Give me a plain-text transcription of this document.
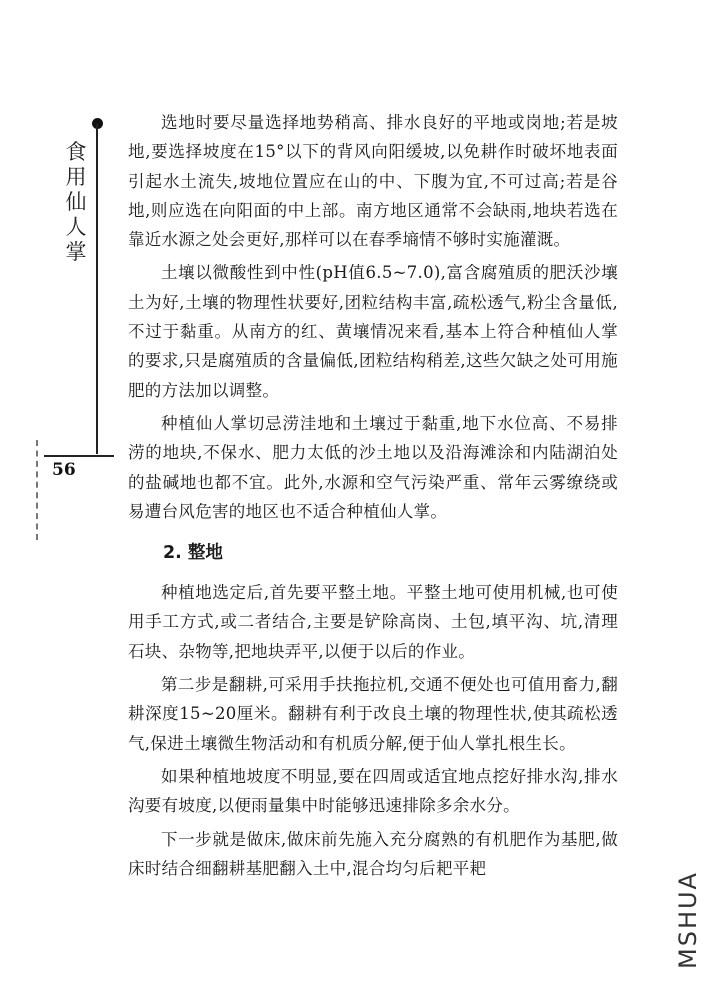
食用仙人掌
56

选地时要尽量选择地势稍高、排水良好的平地或岗地;若是坡地,要选择坡度在15°以下的背风向阳缓坡,以免耕作时破坏地表面引起水土流失,坡地位置应在山的中、下腹为宜,不可过高;若是谷地,则应选在向阳面的中上部。南方地区通常不会缺雨,地块若选在靠近水源之处会更好,那样可以在春季墒情不够时实施灌溉。

土壤以微酸性到中性(pH值6.5~7.0),富含腐殖质的肥沃沙壤土为好,土壤的物理性状要好,团粒结构丰富,疏松透气,粉尘含量低,不过于黏重。从南方的红、黄壤情况来看,基本上符合种植仙人掌的要求,只是腐殖质的含量偏低,团粒结构稍差,这些欠缺之处可用施肥的方法加以调整。

种植仙人掌切忌涝洼地和土壤过于黏重,地下水位高、不易排涝的地块,不保水、肥力太低的沙土地以及沿海滩涂和内陆湖泊处的盐碱地也都不宜。此外,水源和空气污染严重、常年云雾缭绕或易遭台风危害的地区也不适合种植仙人掌。

2. 整地

种植地选定后,首先要平整土地。平整土地可使用机械,也可使用手工方式,或二者结合,主要是铲除高岗、土包,填平沟、坑,清理石块、杂物等,把地块弄平,以便于以后的作业。

第二步是翻耕,可采用手扶拖拉机,交通不便处也可值用畜力,翻耕深度15~20厘米。翻耕有利于改良土壤的物理性状,使其疏松透气,保进土壤微生物活动和有机质分解,便于仙人掌扎根生长。

如果种植地坡度不明显,要在四周或适宜地点挖好排水沟,排水沟要有坡度,以便雨量集中时能够迅速排除多余水分。

下一步就是做床,做床前先施入充分腐熟的有机肥作为基肥,做床时结合细翻耕基肥翻入土中,混合均匀后耙平耙

MSHUA
